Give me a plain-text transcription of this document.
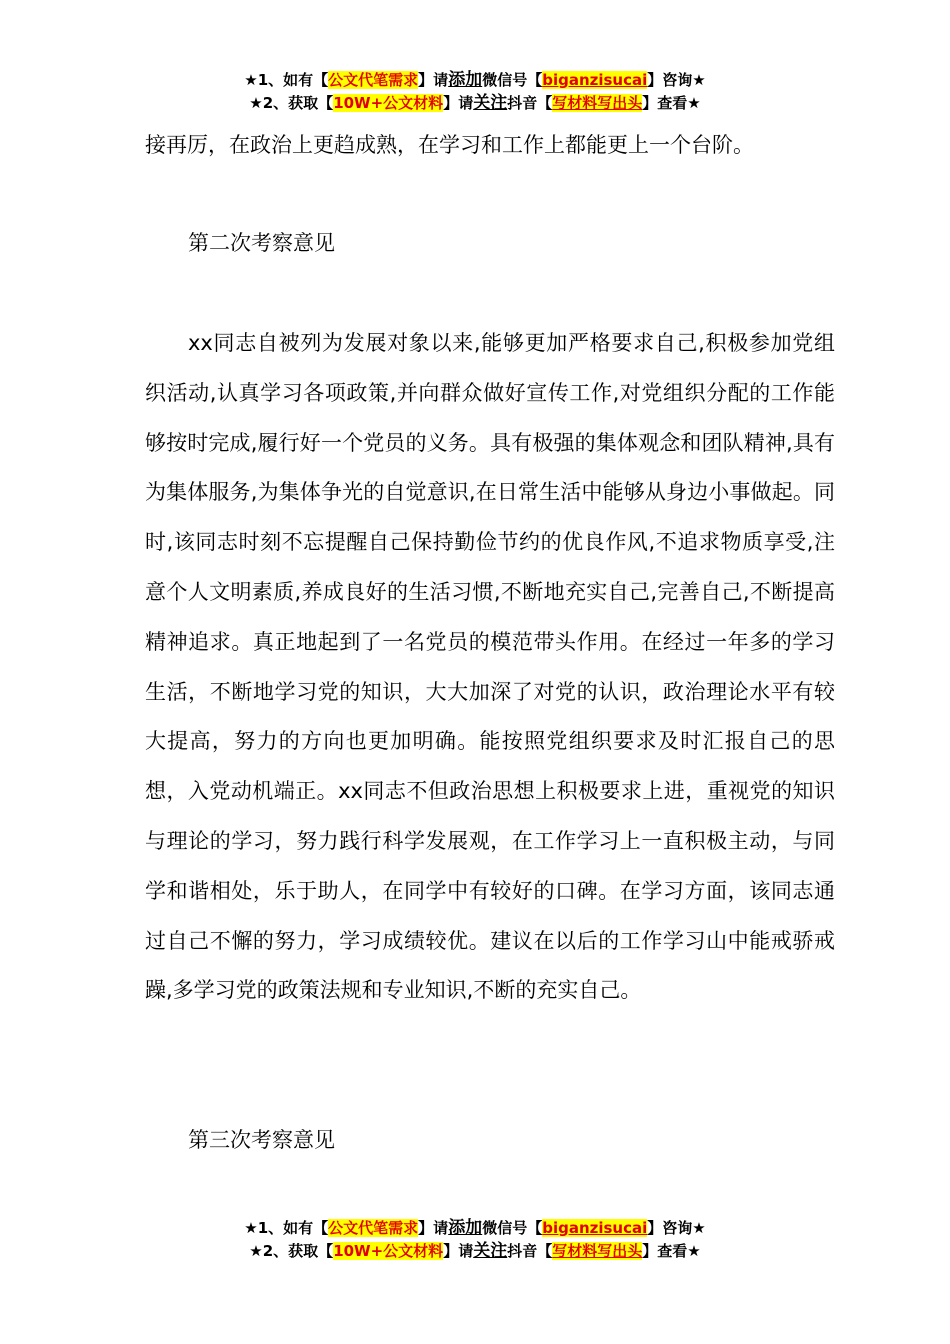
★1、如有【公文代笔需求】请添加微信号【biganzisucai】咨询★
★2、获取【10W+公文材料】请关注抖音【写材料写出头】查看★

接再厉，在政治上更趋成熟，在学习和工作上都能更上一个台阶。

第二次考察意见

xx同志自被列为发展对象以来,能够更加严格要求自己,积极参加党组织活动,认真学习各项政策,并向群众做好宣传工作,对党组织分配的工作能够按时完成,履行好一个党员的义务。具有极强的集体观念和团队精神,具有为集体服务,为集体争光的自觉意识,在日常生活中能够从身边小事做起。同时,该同志时刻不忘提醒自己保持勤俭节约的优良作风,不追求物质享受,注意个人文明素质,养成良好的生活习惯,不断地充实自己,完善自己,不断提高精神追求。真正地起到了一名党员的模范带头作用。在经过一年多的学习生活，不断地学习党的知识，大大加深了对党的认识，政治理论水平有较大提高，努力的方向也更加明确。能按照党组织要求及时汇报自己的思想，入党动机端正。xx同志不但政治思想上积极要求上进，重视党的知识与理论的学习，努力践行科学发展观，在工作学习上一直积极主动，与同学和谐相处，乐于助人，在同学中有较好的口碑。在学习方面，该同志通过自己不懈的努力，学习成绩较优。建议在以后的工作学习山中能戒骄戒躁,多学习党的政策法规和专业知识,不断的充实自己。

第三次考察意见

★1、如有【公文代笔需求】请添加微信号【biganzisucai】咨询★
★2、获取【10W+公文材料】请关注抖音【写材料写出头】查看★
